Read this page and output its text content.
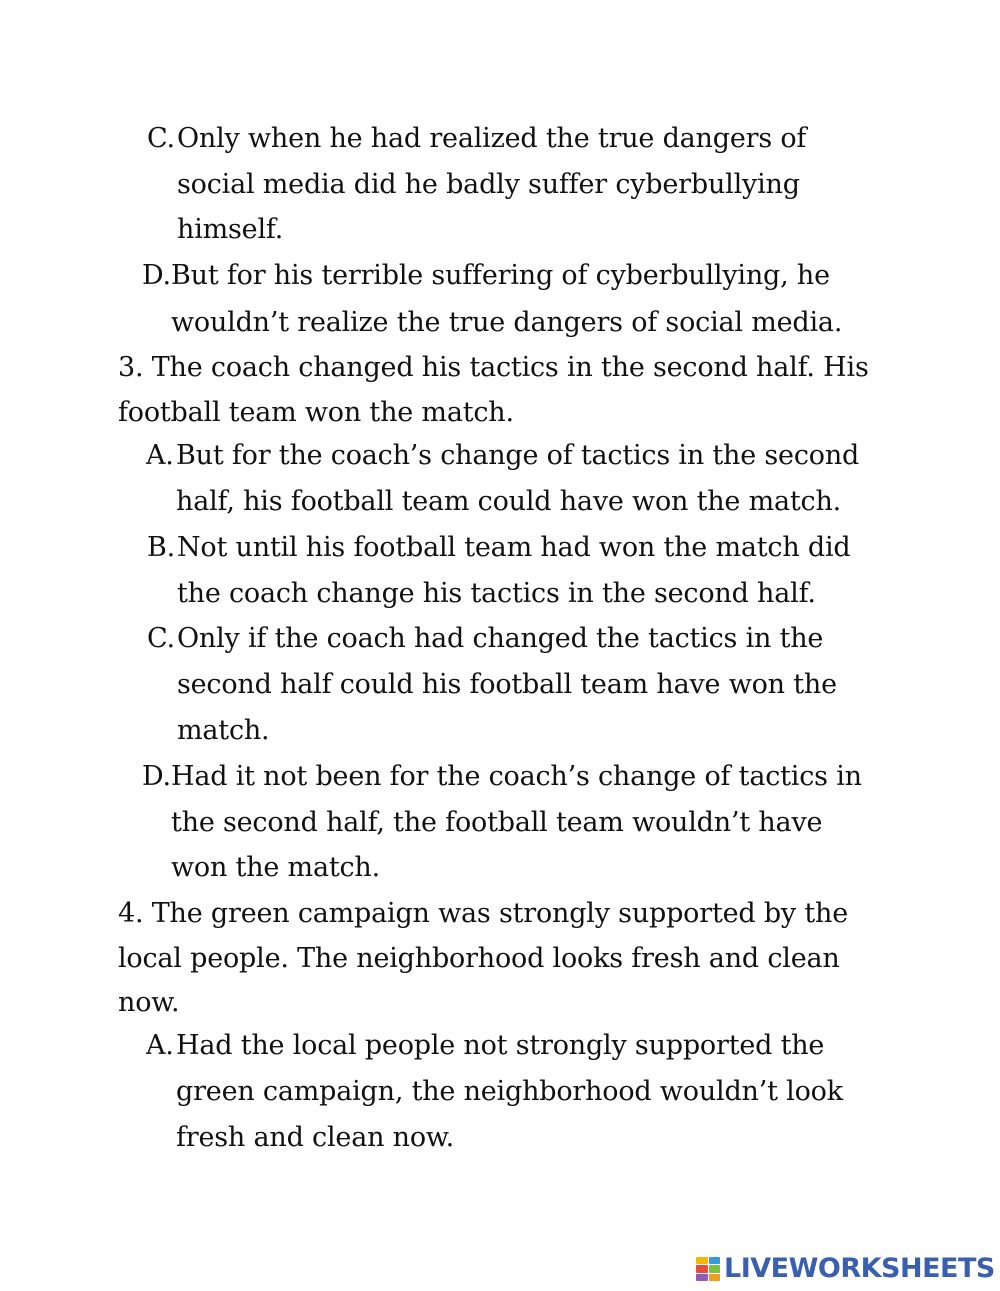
C.Only when he had realized the true dangers of
social media did he badly suffer cyberbullying
himself.
D.But for his terrible suffering of cyberbullying, he
wouldn’t realize the true dangers of social media.
3. The coach changed his tactics in the second half. His
football team won the match.
A.But for the coach’s change of tactics in the second
half, his football team could have won the match.
B.Not until his football team had won the match did
the coach change his tactics in the second half.
C.Only if the coach had changed the tactics in the
second half could his football team have won the
match.
D.Had it not been for the coach’s change of tactics in
the second half, the football team wouldn’t have
won the match.
4. The green campaign was strongly supported by the
local people. The neighborhood looks fresh and clean
now.
A.Had the local people not strongly supported the
green campaign, the neighborhood wouldn’t look
fresh and clean now.
LIVEWORKSHEETS
